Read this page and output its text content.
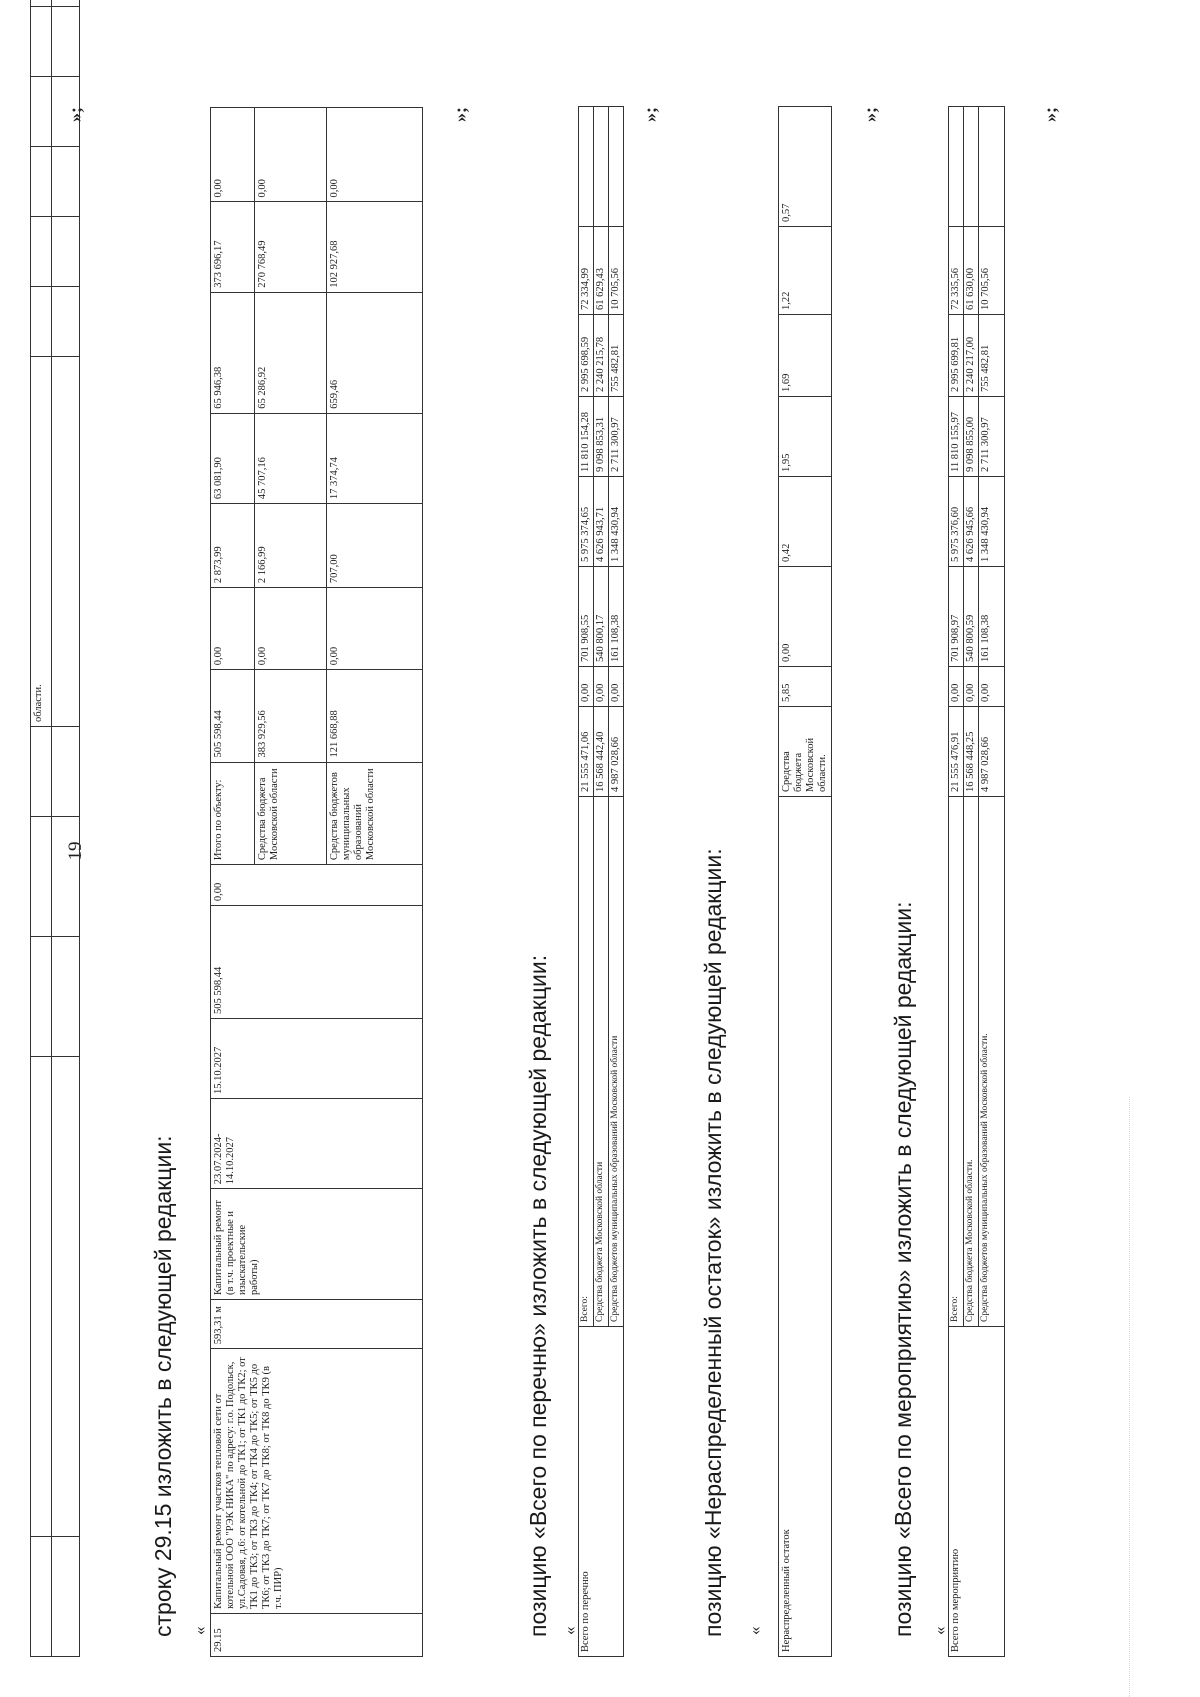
19
					области.						

»;
строку 29.15 изложить в следующей редакции: « 29.15	Капитальный ремонт участков тепловой сети от котельной ООО "РЭК НИКА" по адресу: г.о. Подольск, ул.Садовая, д.6: от котельной до ТК1; от ТК1 до ТК2; от ТК1 до ТК3; от ТК3 до ТК4; от ТК4 до ТК5; от ТК5 до ТК6; от ТК3 до ТК7; от ТК7 до ТК8; от ТК8 до ТК9 (в т.ч. ПИР)	593,31 м	Капитальный ремонт (в т.ч. проектные и изыскательские работы)	23.07.2024-14.10.2027	15.10.2027	505 598,44	0,00	Итого по объекту:	505 598,44	0,00	2 873,99	63 081,90	65 946,38	373 696,17	0,00
								Средства бюджета Московской области	383 929,56	0,00	2 166,99	45 707,16	65 286,92	270 768,49	0,00
								Средства бюджетов муниципальных образований Московской области	121 668,88	0,00	707,00	17 374,74	659,46	102 927,68	0,00
»;
позицию «Всего по перечню» изложить в следующей редакции: « Всего по перечню	Всего:	21 555 471,06	0,00	701 908,55	5 975 374,65	11 810 154,28	2 995 698,59	72 334,99	
	Средства бюджета Московской области	16 568 442,40	0,00	540 800,17	4 626 943,71	9 098 853,31	2 240 215,78	61 629,43	
	Средства бюджетов муниципальных образований Московской области	4 987 028,66	0,00	161 108,38	1 348 430,94	2 711 300,97	755 482,81	10 705,56	
»;
позицию «Нераспределенный остаток» изложить в следующей редакции: « Нераспределенный остаток	Средства бюджета Московской области.	5,85	0,00	0,42	1,95	1,69	1,22	0,57
»;
позицию «Всего по мероприятию» изложить в следующей редакции: « Всего по мероприятию	Всего:	21 555 476,91	0,00	701 908,97	5 975 376,60	11 810 155,97	2 995 699,81	72 335,56	
	Средства бюджета Московской области.	16 568 448,25	0,00	540 800,59	4 626 945,66	9 098 855,00	2 240 217,00	61 630,00	
	Средства бюджетов муниципальных образований Московской области.	4 987 028,66	0,00	161 108,38	1 348 430,94	2 711 300,97	755 482,81	10 705,56	
»;
